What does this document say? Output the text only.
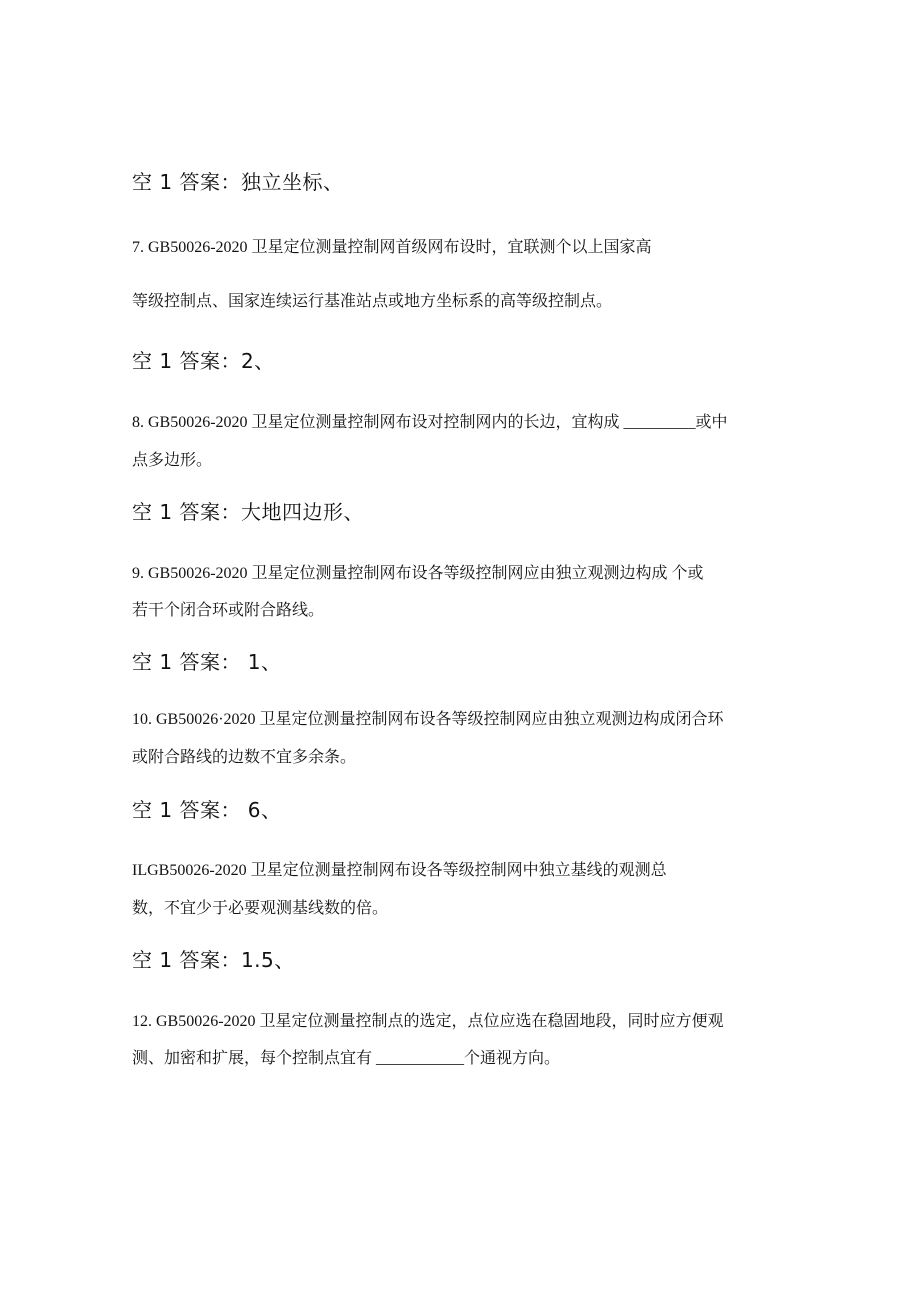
空 1 答案：独立坐标、
7. GB50026-2020 卫星定位测量控制网首级网布设时，宜联测个以上国家高
等级控制点、国家连续运行基准站点或地方坐标系的高等级控制点。
空 1 答案：2、
8. GB50026-2020 卫星定位测量控制网布设对控制网内的长边，宜构成 _________或中
点多边形。
空 1 答案：大地四边形、
9. GB50026-2020 卫星定位测量控制网布设各等级控制网应由独立观测边构成 个或
若干个闭合环或附合路线。
空 1 答案： 1、
10. GB50026·2020 卫星定位测量控制网布设各等级控制网应由独立观测边构成闭合环
或附合路线的边数不宜多余条。
空 1 答案： 6、
ILGB50026-2020 卫星定位测量控制网布设各等级控制网中独立基线的观测总
数，不宜少于必要观测基线数的倍。
空 1 答案：1.5、
12. GB50026-2020 卫星定位测量控制点的选定，点位应选在稳固地段，同时应方便观
测、加密和扩展，每个控制点宜有 ___________个通视方向。
